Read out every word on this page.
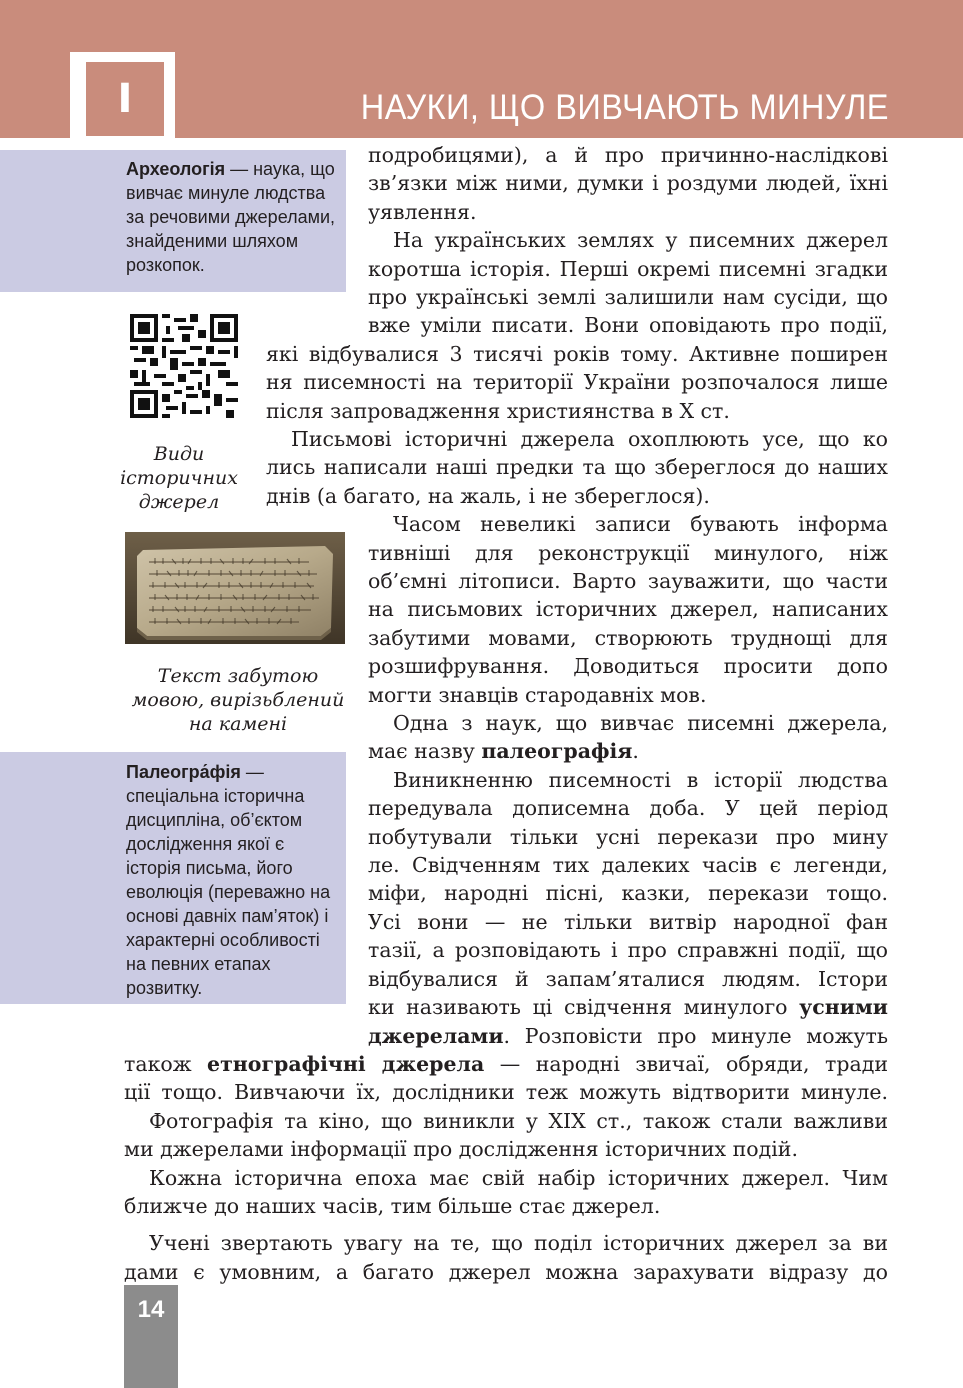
I	НАУКИ, ЩО ВИВЧАЮТЬ МИНУЛЕ
Археологія — наука, що вивчає минуле людства за речовими джерелами, знайденими шляхом розкопок.
Види історичних джерел
Текст забутою мовою, вирізьблений на камені
Палеогра́фія — спеціальна історична дисципліна, об’єктом дослідження якої є історія письма, його еволюція (переважно на основі давніх пам’яток) і характерні особливості на певних етапах розвитку.
подробицями), а й про причинно-наслідкові
зв’язки між ними, думки і роздуми людей, їхні
уявлення.
На українських землях у писемних джерел
коротша історія. Перші окремі писемні згадки
про українські землі залишили нам сусіди, що
вже уміли писати. Вони оповідають про події,
які відбувалися 3 тисячі років тому. Активне поширен
ня писемності на території України розпочалося лише
після запровадження християнства в X ст.
Письмові історичні джерела охоплюють усе, що ко
лись написали наші предки та що збереглося до наших
днів (а багато, на жаль, і не збереглося).
Часом невеликі записи бувають інформа
тивніші для реконструкції минулого, ніж
об’ємні літописи. Варто зауважити, що части
на письмових історичних джерел, написаних
забутими мовами, створюють труднощі для
розшифрування. Доводиться просити допо
могти знавців стародавніх мов.
Одна з наук, що вивчає писемні джерела,
має назву палеографія.
Виникненню писемності в історії людства
передувала дописемна доба. У цей період
побутували тільки усні перекази про мину
ле. Свідченням тих далеких часів є легенди,
міфи, народні пісні, казки, перекази тощо.
Усі вони — не тільки витвір народної фан
тазії, а розповідають і про справжні події, що
відбувалися й запам’яталися людям. Істори
ки називають ці свідчення минулого усними
джерелами. Розповісти про минуле можуть
також етнографічні джерела — народні звичаї, обряди, тради
ції тощо. Вивчаючи їх, дослідники теж можуть відтворити минуле.
Фотографія та кіно, що виникли у XIX ст., також стали важливи
ми джерелами інформації про дослідження історичних подій.
Кожна історична епоха має свій набір історичних джерел. Чим
ближче до наших часів, тим більше стає джерел.
Учені звертають увагу на те, що поділ історичних джерел за ви
дами є умовним, а багато джерел можна зарахувати відразу до
14
